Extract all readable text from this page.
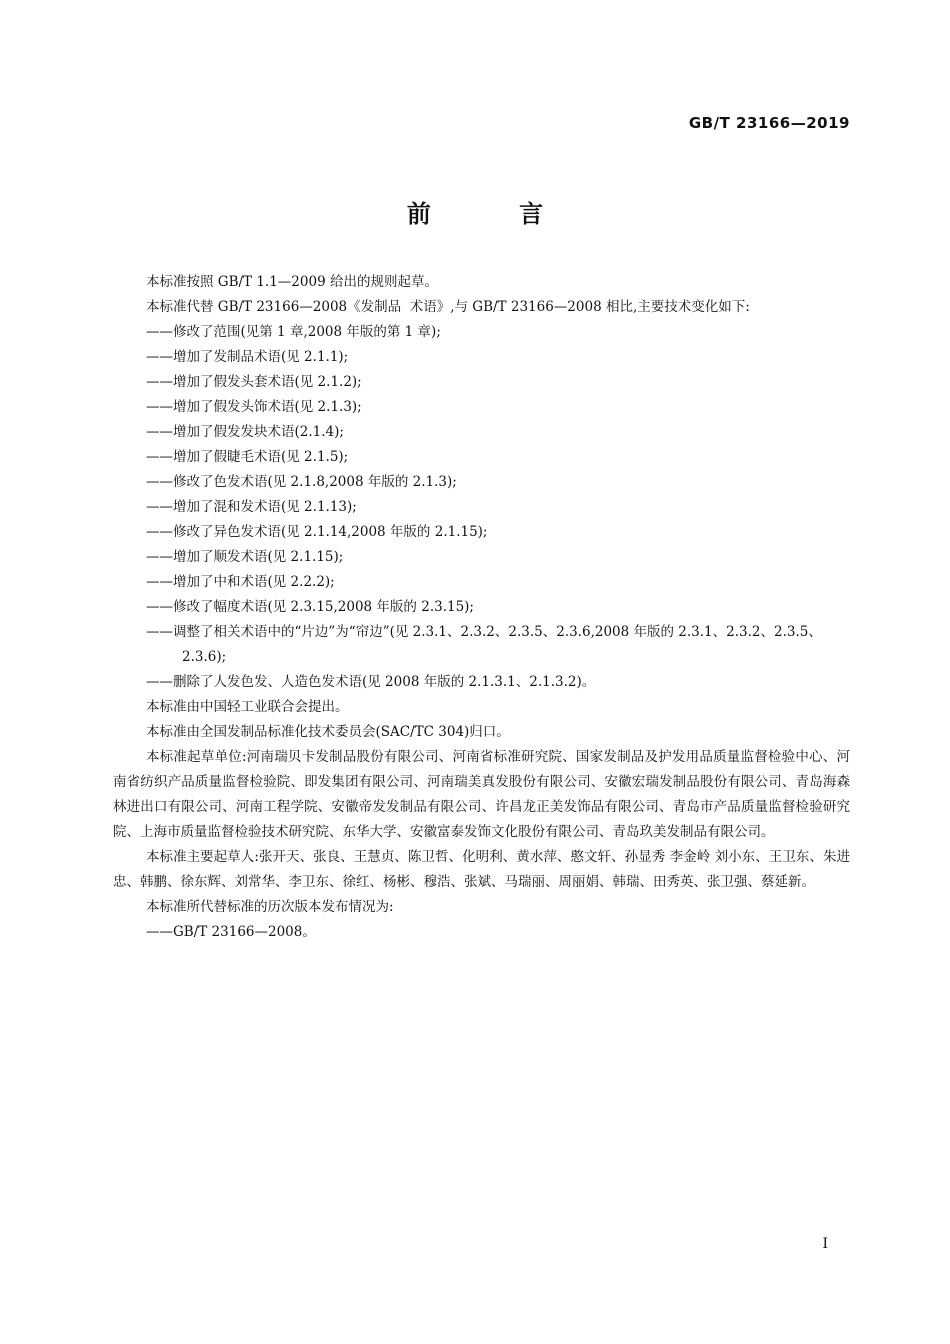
GB/T 23166—2019
前 言

本标准按照 GB/T 1.1—2009 给出的规则起草。

本标准代替 GB/T 23166—2008《发制品  术语》,与 GB/T 23166—2008 相比,主要技术变化如下:

——修改了范围(见第 1 章,2008 年版的第 1 章);

——增加了发制品术语(见 2.1.1);

——增加了假发头套术语(见 2.1.2);

——增加了假发头饰术语(见 2.1.3);

——增加了假发发块术语(2.1.4);

——增加了假睫毛术语(见 2.1.5);

——修改了色发术语(见 2.1.8,2008 年版的 2.1.3);

——增加了混和发术语(见 2.1.13);

——修改了异色发术语(见 2.1.14,2008 年版的 2.1.15);

——增加了顺发术语(见 2.1.15);

——增加了中和术语(见 2.2.2);

——修改了幅度术语(见 2.3.15,2008 年版的 2.3.15);

——调整了相关术语中的“片边”为“帘边”(见 2.3.1、2.3.2、2.3.5、2.3.6,2008 年版的 2.3.1、2.3.2、2.3.5、2.3.6);

——删除了人发色发、人造色发术语(见 2008 年版的 2.1.3.1、2.1.3.2)。

本标准由中国轻工业联合会提出。

本标准由全国发制品标准化技术委员会(SAC/TC 304)归口。

本标准起草单位:河南瑞贝卡发制品股份有限公司、河南省标准研究院、国家发制品及护发用品质量监督检验中心、河南省纺织产品质量监督检验院、即发集团有限公司、河南瑞美真发股份有限公司、安徽宏瑞发制品股份有限公司、青岛海森林进出口有限公司、河南工程学院、安徽帝发发制品有限公司、许昌龙正美发饰品有限公司、青岛市产品质量监督检验研究院、上海市质量监督检验技术研究院、东华大学、安徽富泰发饰文化股份有限公司、青岛玖美发制品有限公司。

本标准主要起草人:张开天、张良、王慧贞、陈卫哲、化明利、黄水萍、憨文轩、孙显秀 李金岭 刘小东、王卫东、朱进忠、韩鹏、徐东辉、刘常华、李卫东、徐红、杨彬、穆浩、张斌、马瑞丽、周丽娟、韩瑞、田秀英、张卫强、蔡延新。

本标准所代替标准的历次版本发布情况为:

——GB/T 23166—2008。

I
